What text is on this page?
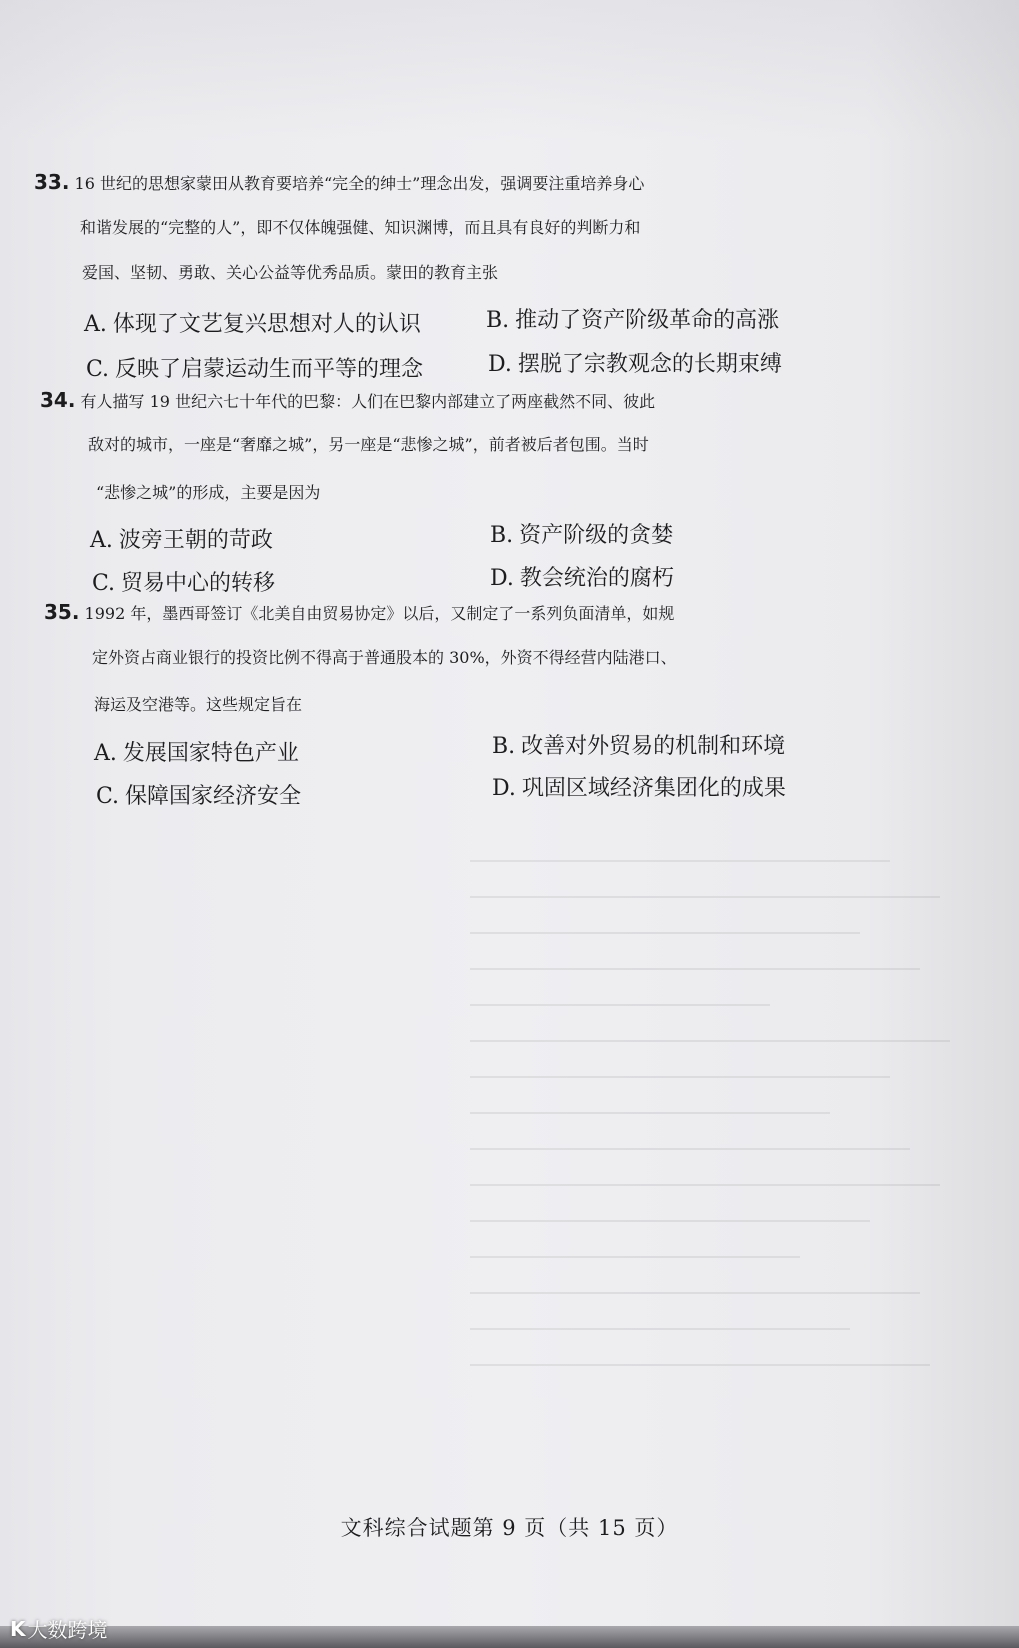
33. 16 世纪的思想家蒙田从教育要培养“完全的绅士”理念出发，强调要注重培养身心
和谐发展的“完整的人”，即不仅体魄强健、知识渊博，而且具有良好的判断力和
爱国、坚韧、勇敢、关心公益等优秀品质。蒙田的教育主张
A. 体现了文艺复兴思想对人的认识	B. 推动了资产阶级革命的高涨
C. 反映了启蒙运动生而平等的理念	D. 摆脱了宗教观念的长期束缚
34. 有人描写 19 世纪六七十年代的巴黎：人们在巴黎内部建立了两座截然不同、彼此
敌对的城市，一座是“奢靡之城”，另一座是“悲惨之城”，前者被后者包围。当时
“悲惨之城”的形成，主要是因为
A. 波旁王朝的苛政	B. 资产阶级的贪婪
C. 贸易中心的转移	D. 教会统治的腐朽
35. 1992 年，墨西哥签订《北美自由贸易协定》以后，又制定了一系列负面清单，如规
定外资占商业银行的投资比例不得高于普通股本的 30%，外资不得经营内陆港口、
海运及空港等。这些规定旨在
A. 发展国家特色产业	B. 改善对外贸易的机制和环境
C. 保障国家经济安全	D. 巩固区域经济集团化的成果
文科综合试题第 9 页（共 15 页）
K 大数跨境
